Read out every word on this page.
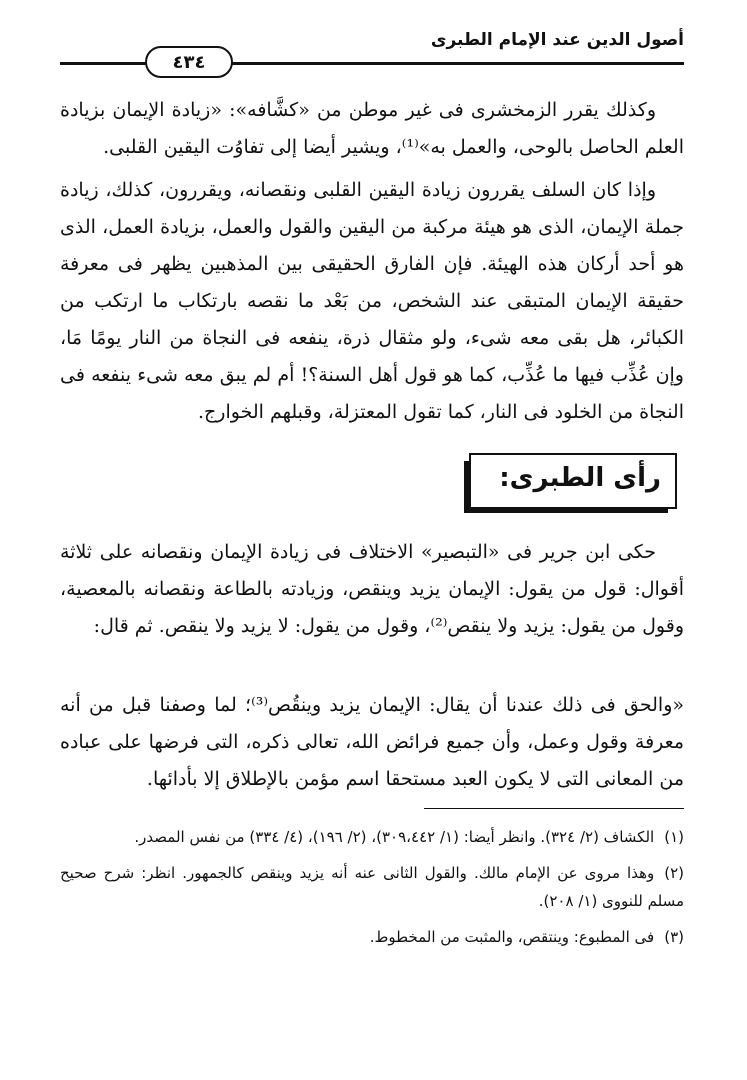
أصول الدين عند الإمام الطبرى
٤٣٤

وكذلك يقرر الزمخشرى فى غير موطن من «كشَّافه»: «زيادة الإيمان بزيادة العلم الحاصل بالوحى، والعمل به»⁽¹⁾، ويشير أيضا إلى تفاوُت اليقين القلبى.

وإذا كان السلف يقررون زيادة اليقين القلبى ونقصانه، ويقررون، كذلك، زيادة جملة الإيمان، الذى هو هيئة مركبة من اليقين والقول والعمل، بزيادة العمل، الذى هو أحد أركان هذه الهيئة. فإن الفارق الحقيقى بين المذهبين يظهر فى معرفة حقيقة الإيمان المتبقى عند الشخص، من بَعْد ما نقصه بارتكاب ما ارتكب من الكبائر، هل بقى معه شىء، ولو مثقال ذرة، ينفعه فى النجاة من النار يومًا مَا، وإن عُذِّب فيها ما عُذِّب، كما هو قول أهل السنة؟! أم لم يبق معه شىء ينفعه فى النجاة من الخلود فى النار، كما تقول المعتزلة، وقبلهم الخوارج.

رأى الطبرى:

حكى ابن جرير فى «التبصير» الاختلاف فى زيادة الإيمان ونقصانه على ثلاثة أقوال: قول من يقول: الإيمان يزيد وينقص، وزيادته بالطاعة ونقصانه بالمعصية، وقول من يقول: يزيد ولا ينقص⁽²⁾، وقول من يقول: لا يزيد ولا ينقص. ثم قال:

«والحق فى ذلك عندنا أن يقال: الإيمان يزيد وينقُص⁽³⁾؛ لما وصفنا قبل من أنه معرفة وقول وعمل، وأن جميع فرائض الله، تعالى ذكره، التى فرضها على عباده من المعانى التى لا يكون العبد مستحقا اسم مؤمن بالإطلاق إلا بأدائها.

(١)الكشاف (٢/ ٣٢٤). وانظر أيضا: (١/ ٣٠٩،٤٤٢)، (٢/ ١٩٦)، (٤/ ٣٣٤) من نفس المصدر.

(٢)وهذا مروى عن الإمام مالك. والقول الثانى عنه أنه يزيد وينقص كالجمهور. انظر: شرح صحيح مسلم للنووى (١/ ٢٠٨).

(٣)فى المطبوع: وينتقص، والمثبت من المخطوط.
